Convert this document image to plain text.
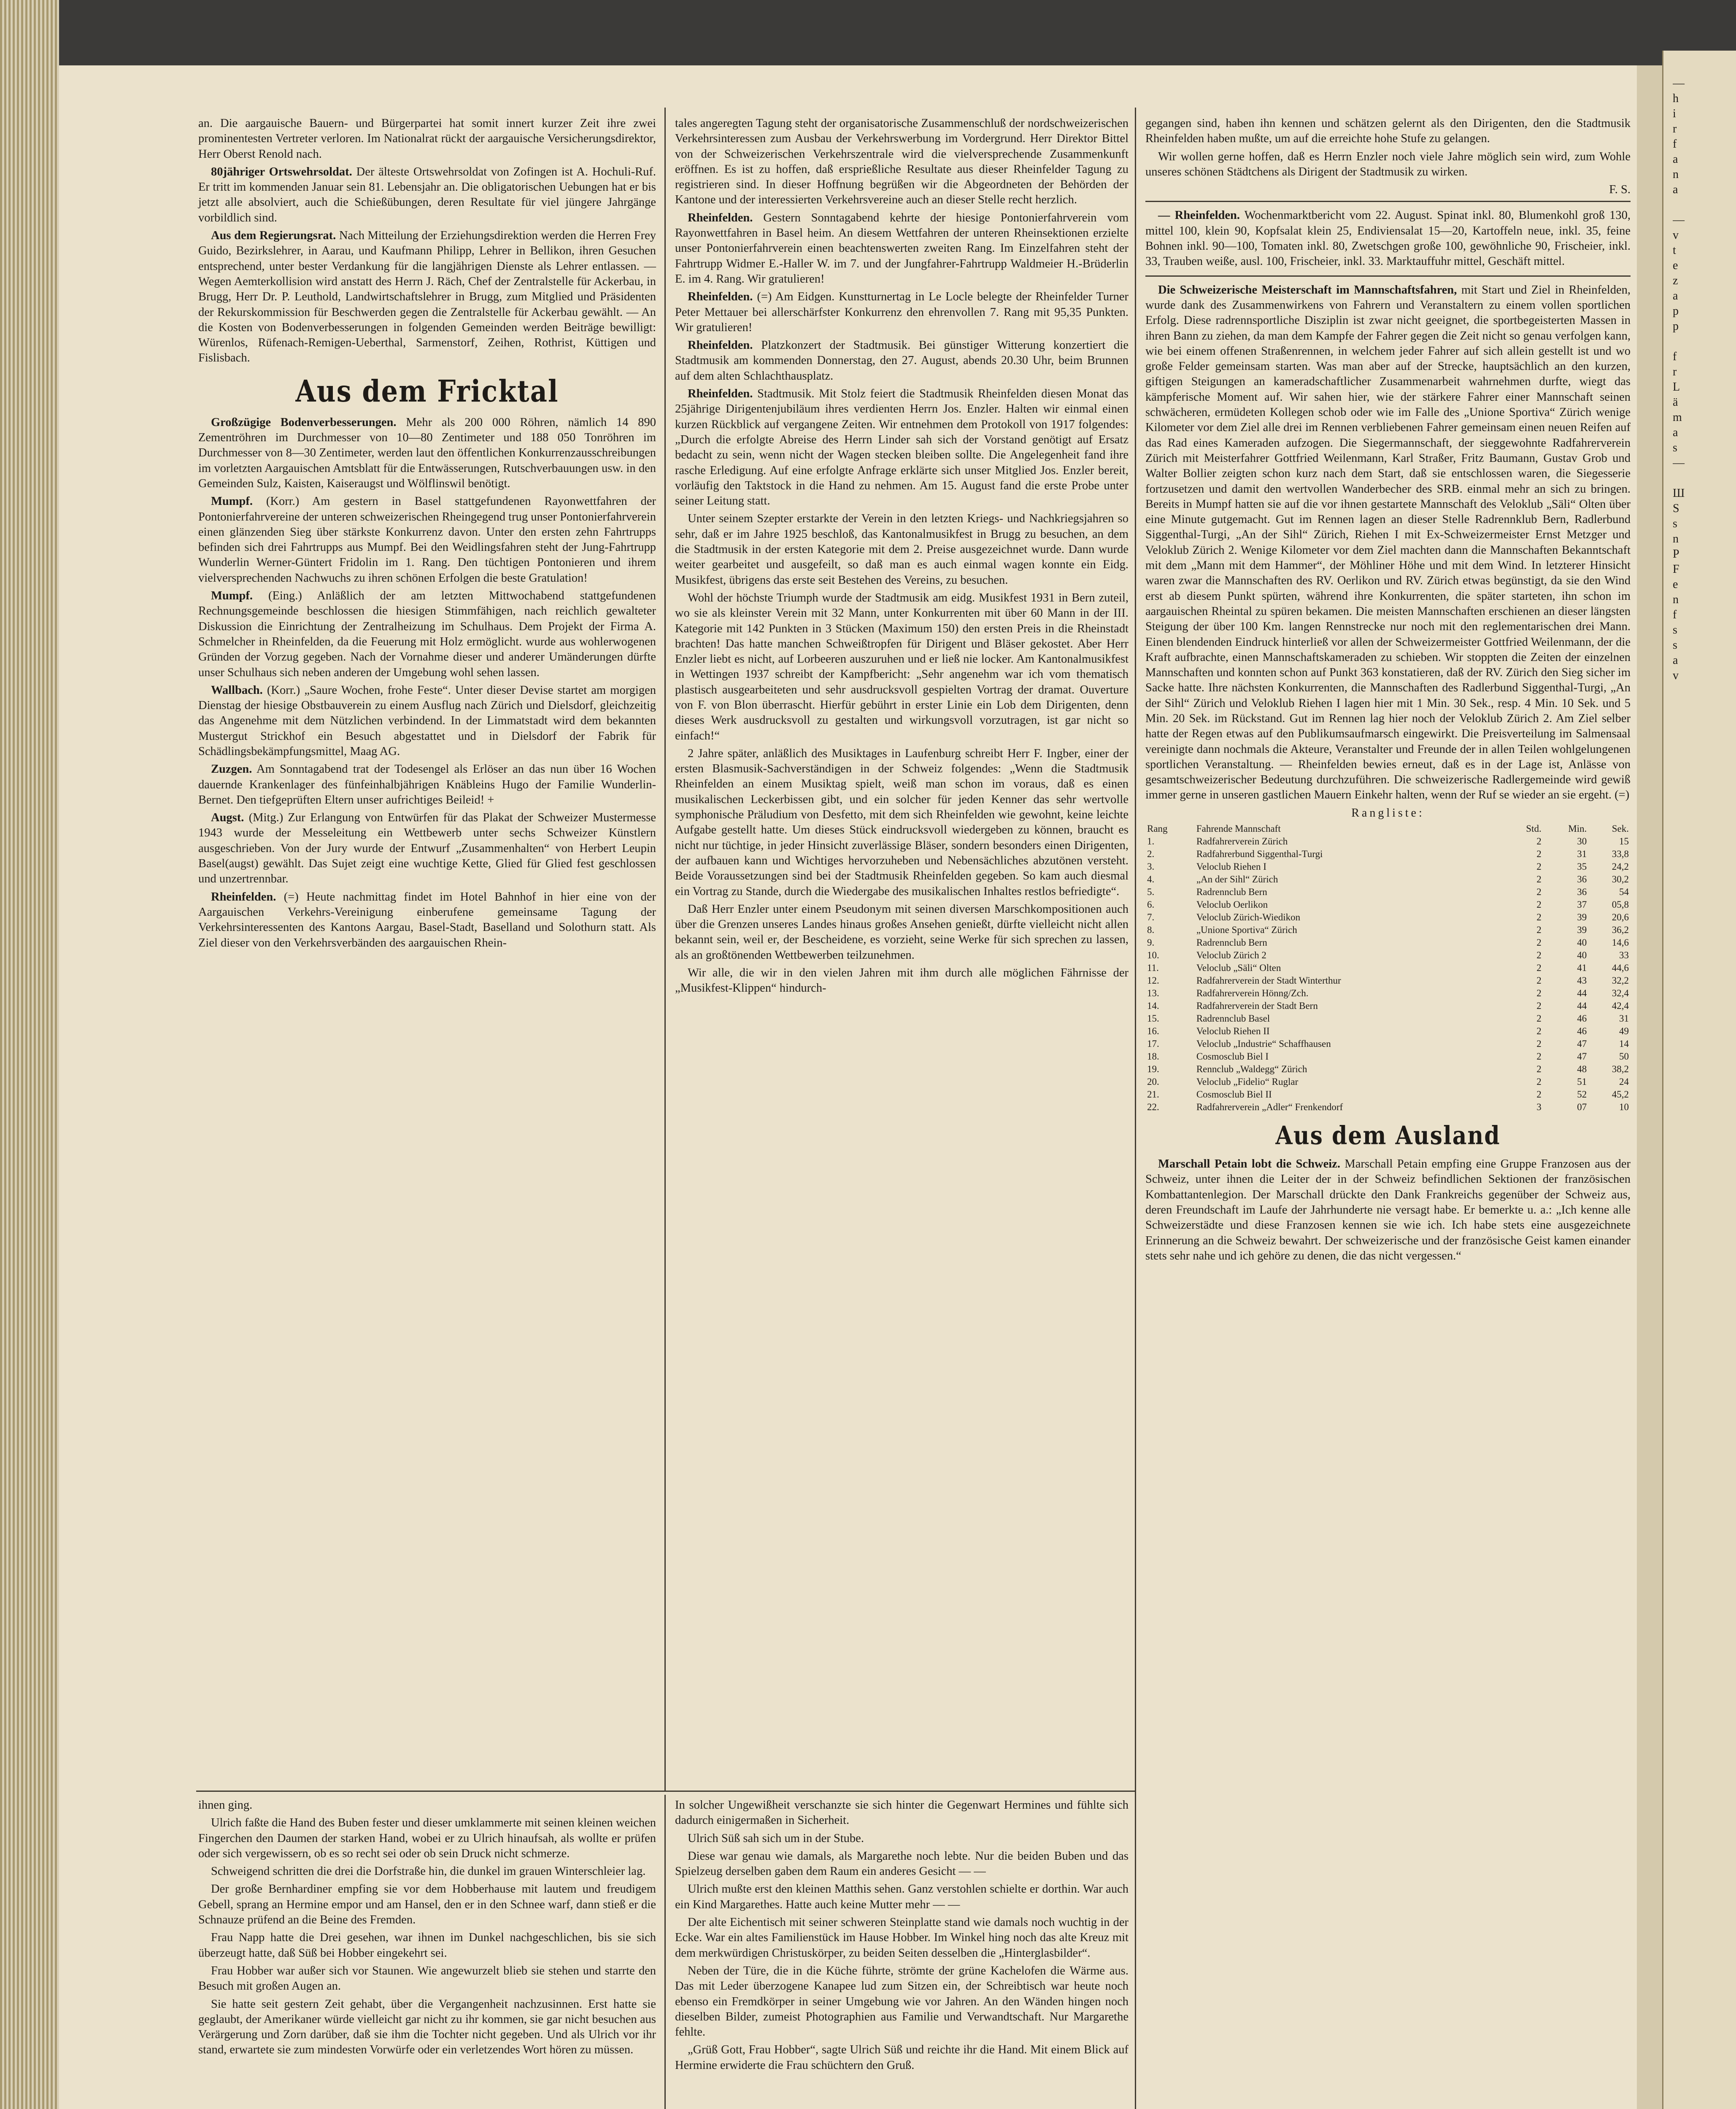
an. Die aargauische Bauern- und Bürgerpartei hat somit innert kurzer Zeit ihre zwei prominentesten Vertreter verloren. Im Nationalrat rückt der aargauische Versicherungsdirektor, Herr Oberst Renold nach.

80jähriger Ortswehrsoldat. Der älteste Ortswehrsoldat von Zofingen ist A. Hochuli-Ruf. Er tritt im kommenden Januar sein 81. Lebensjahr an. Die obligatorischen Uebungen hat er bis jetzt alle absolviert, auch die Schießübungen, deren Resultate für viel jüngere Jahrgänge vorbildlich sind.

Aus dem Regierungsrat. Nach Mitteilung der Erziehungsdirektion werden die Herren Frey Guido, Bezirkslehrer, in Aarau, und Kaufmann Philipp, Lehrer in Bellikon, ihren Gesuchen entsprechend, unter bester Verdankung für die langjährigen Dienste als Lehrer entlassen. — Wegen Aemterkollision wird anstatt des Herrn J. Räch, Chef der Zentralstelle für Ackerbau, in Brugg, Herr Dr. P. Leuthold, Landwirtschaftslehrer in Brugg, zum Mitglied und Präsidenten der Rekurskommission für Beschwerden gegen die Zentralstelle für Ackerbau gewählt. — An die Kosten von Bodenverbesserungen in folgenden Gemeinden werden Beiträge bewilligt: Würenlos, Rüfenach-Remigen-Ueberthal, Sarmenstorf, Zeihen, Rothrist, Küttigen und Fislisbach.

Aus dem Fricktal

Großzügige Bodenverbesserungen. Mehr als 200 000 Röhren, nämlich 14 890 Zementröhren im Durchmesser von 10—80 Zentimeter und 188 050 Tonröhren im Durchmesser von 8—30 Zentimeter, werden laut den öffentlichen Konkurrenzausschreibungen im vorletzten Aargauischen Amtsblatt für die Entwässerungen, Rutschverbauungen usw. in den Gemeinden Sulz, Kaisten, Kaiseraugst und Wölflinswil benötigt.

Mumpf. (Korr.) Am gestern in Basel stattgefundenen Rayonwettfahren der Pontonierfahrvereine der unteren schweizerischen Rheingegend trug unser Pontonierfahrverein einen glänzenden Sieg über stärkste Konkurrenz davon. Unter den ersten zehn Fahrtrupps befinden sich drei Fahrtrupps aus Mumpf. Bei den Weidlingsfahren steht der Jung-Fahrtrupp Wunderlin Werner-Güntert Fridolin im 1. Rang. Den tüchtigen Pontonieren und ihrem vielversprechenden Nachwuchs zu ihren schönen Erfolgen die beste Gratulation!

Mumpf. (Eing.) Anläßlich der am letzten Mittwochabend stattgefundenen Rechnungsgemeinde beschlossen die hiesigen Stimmfähigen, nach reichlich gewalteter Diskussion die Einrichtung der Zentralheizung im Schulhaus. Dem Projekt der Firma A. Schmelcher in Rheinfelden, da die Feuerung mit Holz ermöglicht. wurde aus wohlerwogenen Gründen der Vorzug gegeben. Nach der Vornahme dieser und anderer Umänderungen dürfte unser Schulhaus sich neben anderen der Umgebung wohl sehen lassen.

Wallbach. (Korr.) „Saure Wochen, frohe Feste“. Unter dieser Devise startet am morgigen Dienstag der hiesige Obstbauverein zu einem Ausflug nach Zürich und Dielsdorf, gleichzeitig das Angenehme mit dem Nützlichen verbindend. In der Limmatstadt wird dem bekannten Mustergut Strickhof ein Besuch abgestattet und in Dielsdorf der Fabrik für Schädlingsbekämpfungsmittel, Maag AG.

Zuzgen. Am Sonntagabend trat der Todesengel als Erlöser an das nun über 16 Wochen dauernde Krankenlager des fünfeinhalbjährigen Knäbleins Hugo der Familie Wunderlin-Bernet. Den tiefgeprüften Eltern unser aufrichtiges Beileid! +

Augst. (Mitg.) Zur Erlangung von Entwürfen für das Plakat der Schweizer Mustermesse 1943 wurde der Messeleitung ein Wettbewerb unter sechs Schweizer Künstlern ausgeschrieben. Von der Jury wurde der Entwurf „Zusammenhalten“ von Herbert Leupin Basel(augst) gewählt. Das Sujet zeigt eine wuchtige Kette, Glied für Glied fest geschlossen und unzertrennbar.

Rheinfelden. (=) Heute nachmittag findet im Hotel Bahnhof in hier eine von der Aargauischen Verkehrs-Vereinigung einberufene gemeinsame Tagung der Verkehrsinteressenten des Kantons Aargau, Basel-Stadt, Baselland und Solothurn statt. Als Ziel dieser von den Verkehrsverbänden des aargauischen Rhein-

tales angeregten Tagung steht der organisatorische Zusammenschluß der nordschweizerischen Verkehrsinteressen zum Ausbau der Verkehrswerbung im Vordergrund. Herr Direktor Bittel von der Schweizerischen Verkehrszentrale wird die vielversprechende Zusammenkunft eröffnen. Es ist zu hoffen, daß ersprießliche Resultate aus dieser Rheinfelder Tagung zu registrieren sind. In dieser Hoffnung begrüßen wir die Abgeordneten der Behörden der Kantone und der interessierten Verkehrsvereine auch an dieser Stelle recht herzlich.

Rheinfelden. Gestern Sonntagabend kehrte der hiesige Pontonierfahrverein vom Rayonwettfahren in Basel heim. An diesem Wettfahren der unteren Rheinsektionen erzielte unser Pontonierfahrverein einen beachtenswerten zweiten Rang. Im Einzelfahren steht der Fahrtrupp Widmer E.-Haller W. im 7. und der Jungfahrer-Fahrtrupp Waldmeier H.-Brüderlin E. im 4. Rang. Wir gratulieren!

Rheinfelden. (=) Am Eidgen. Kunstturnertag in Le Locle belegte der Rheinfelder Turner Peter Mettauer bei allerschärfster Konkurrenz den ehrenvollen 7. Rang mit 95,35 Punkten. Wir gratulieren!

Rheinfelden. Platzkonzert der Stadtmusik. Bei günstiger Witterung konzertiert die Stadtmusik am kommenden Donnerstag, den 27. August, abends 20.30 Uhr, beim Brunnen auf dem alten Schlachthausplatz.

Rheinfelden. Stadtmusik. Mit Stolz feiert die Stadtmusik Rheinfelden diesen Monat das 25jährige Dirigentenjubiläum ihres verdienten Herrn Jos. Enzler. Halten wir einmal einen kurzen Rückblick auf vergangene Zeiten. Wir entnehmen dem Protokoll von 1917 folgendes: „Durch die erfolgte Abreise des Herrn Linder sah sich der Vorstand genötigt auf Ersatz bedacht zu sein, wenn nicht der Wagen stecken bleiben sollte. Die Angelegenheit fand ihre rasche Erledigung. Auf eine erfolgte Anfrage erklärte sich unser Mitglied Jos. Enzler bereit, vorläufig den Taktstock in die Hand zu nehmen. Am 15. August fand die erste Probe unter seiner Leitung statt.

Unter seinem Szepter erstarkte der Verein in den letzten Kriegs- und Nachkriegsjahren so sehr, daß er im Jahre 1925 beschloß, das Kantonalmusikfest in Brugg zu besuchen, an dem die Stadtmusik in der ersten Kategorie mit dem 2. Preise ausgezeichnet wurde. Dann wurde weiter gearbeitet und ausgefeilt, so daß man es auch einmal wagen konnte ein Eidg. Musikfest, übrigens das erste seit Bestehen des Vereins, zu besuchen.

Wohl der höchste Triumph wurde der Stadtmusik am eidg. Musikfest 1931 in Bern zuteil, wo sie als kleinster Verein mit 32 Mann, unter Konkurrenten mit über 60 Mann in der III. Kategorie mit 142 Punkten in 3 Stücken (Maximum 150) den ersten Preis in die Rheinstadt brachten! Das hatte manchen Schweißtropfen für Dirigent und Bläser gekostet. Aber Herr Enzler liebt es nicht, auf Lorbeeren auszuruhen und er ließ nie locker. Am Kantonalmusikfest in Wettingen 1937 schreibt der Kampfbericht: „Sehr angenehm war ich vom thematisch plastisch ausgearbeiteten und sehr ausdrucksvoll gespielten Vortrag der dramat. Ouverture von F. von Blon überrascht. Hierfür gebührt in erster Linie ein Lob dem Dirigenten, denn dieses Werk ausdrucksvoll zu gestalten und wirkungsvoll vorzutragen, ist gar nicht so einfach!“

2 Jahre später, anläßlich des Musiktages in Laufenburg schreibt Herr F. Ingber, einer der ersten Blasmusik-Sachverständigen in der Schweiz folgendes: „Wenn die Stadtmusik Rheinfelden an einem Musiktag spielt, weiß man schon im voraus, daß es einen musikalischen Leckerbissen gibt, und ein solcher für jeden Kenner das sehr wertvolle symphonische Präludium von Desfetto, mit dem sich Rheinfelden wie gewohnt, keine leichte Aufgabe gestellt hatte. Um dieses Stück eindrucksvoll wiedergeben zu können, braucht es nicht nur tüchtige, in jeder Hinsicht zuverlässige Bläser, sondern besonders einen Dirigenten, der aufbauen kann und Wichtiges hervorzuheben und Nebensächliches abzutönen versteht. Beide Voraussetzungen sind bei der Stadtmusik Rheinfelden gegeben. So kam auch diesmal ein Vortrag zu Stande, durch die Wiedergabe des musikalischen Inhaltes restlos befriedigte“.

Daß Herr Enzler unter einem Pseudonym mit seinen diversen Marschkompositionen auch über die Grenzen unseres Landes hinaus großes Ansehen genießt, dürfte vielleicht nicht allen bekannt sein, weil er, der Bescheidene, es vorzieht, seine Werke für sich sprechen zu lassen, als an großtönenden Wettbewerben teilzunehmen.

Wir alle, die wir in den vielen Jahren mit ihm durch alle möglichen Fährnisse der „Musikfest-Klippen“ hindurch-

gegangen sind, haben ihn kennen und schätzen gelernt als den Dirigenten, den die Stadtmusik Rheinfelden haben mußte, um auf die erreichte hohe Stufe zu gelangen.

Wir wollen gerne hoffen, daß es Herrn Enzler noch viele Jahre möglich sein wird, zum Wohle unseres schönen Städtchens als Dirigent der Stadtmusik zu wirken.

F. S.

— Rheinfelden. Wochenmarktbericht vom 22. August. Spinat inkl. 80, Blumenkohl groß 130, mittel 100, klein 90, Kopfsalat klein 25, Endiviensalat 15—20, Kartoffeln neue, inkl. 35, feine Bohnen inkl. 90—100, Tomaten inkl. 80, Zwetschgen große 100, gewöhnliche 90, Frischeier, inkl. 33, Trauben weiße, ausl. 100, Frischeier, inkl. 33. Marktauffuhr mittel, Geschäft mittel.

Die Schweizerische Meisterschaft im Mannschaftsfahren, mit Start und Ziel in Rheinfelden, wurde dank des Zusammenwirkens von Fahrern und Veranstaltern zu einem vollen sportlichen Erfolg. Diese radrennsportliche Disziplin ist zwar nicht geeignet, die sportbegeisterten Massen in ihren Bann zu ziehen, da man dem Kampfe der Fahrer gegen die Zeit nicht so genau verfolgen kann, wie bei einem offenen Straßenrennen, in welchem jeder Fahrer auf sich allein gestellt ist und wo große Felder gemeinsam starten. Was man aber auf der Strecke, hauptsächlich an den kurzen, giftigen Steigungen an kameradschaftlicher Zusammenarbeit wahrnehmen durfte, wiegt das kämpferische Moment auf. Wir sahen hier, wie der stärkere Fahrer einer Mannschaft seinen schwächeren, ermüdeten Kollegen schob oder wie im Falle des „Unione Sportiva“ Zürich wenige Kilometer vor dem Ziel alle drei im Rennen verbliebenen Fahrer gemeinsam einen neuen Reifen auf das Rad eines Kameraden aufzogen. Die Siegermannschaft, der sieggewohnte Radfahrerverein Zürich mit Meisterfahrer Gottfried Weilenmann, Karl Straßer, Fritz Baumann, Gustav Grob und Walter Bollier zeigten schon kurz nach dem Start, daß sie entschlossen waren, die Siegesserie fortzusetzen und damit den wertvollen Wanderbecher des SRB. einmal mehr an sich zu bringen. Bereits in Mumpf hatten sie auf die vor ihnen gestartete Mannschaft des Veloklub „Säli“ Olten über eine Minute gutgemacht. Gut im Rennen lagen an dieser Stelle Radrennklub Bern, Radlerbund Siggenthal-Turgi, „An der Sihl“ Zürich, Riehen I mit Ex-Schweizermeister Ernst Metzger und Veloklub Zürich 2. Wenige Kilometer vor dem Ziel machten dann die Mannschaften Bekanntschaft mit dem „Mann mit dem Hammer“, der Möhliner Höhe und mit dem Wind. In letzterer Hinsicht waren zwar die Mannschaften des RV. Oerlikon und RV. Zürich etwas begünstigt, da sie den Wind erst ab diesem Punkt spürten, während ihre Konkurrenten, die später starteten, ihn schon im aargauischen Rheintal zu spüren bekamen. Die meisten Mannschaften erschienen an dieser längsten Steigung der über 100 Km. langen Rennstrecke nur noch mit den reglementarischen drei Mann. Einen blendenden Eindruck hinterließ vor allen der Schweizermeister Gottfried Weilenmann, der die Kraft aufbrachte, einen Mannschaftskameraden zu schieben. Wir stoppten die Zeiten der einzelnen Mannschaften und konnten schon auf Punkt 363 konstatieren, daß der RV. Zürich den Sieg sicher im Sacke hatte. Ihre nächsten Konkurrenten, die Mannschaften des Radlerbund Siggenthal-Turgi, „An der Sihl“ Zürich und Veloklub Riehen I lagen hier mit 1 Min. 30 Sek., resp. 4 Min. 10 Sek. und 5 Min. 20 Sek. im Rückstand. Gut im Rennen lag hier noch der Veloklub Zürich 2. Am Ziel selber hatte der Regen etwas auf den Publikumsaufmarsch eingewirkt. Die Preisverteilung im Salmensaal vereinigte dann nochmals die Akteure, Veranstalter und Freunde der in allen Teilen wohlgelungenen sportlichen Veranstaltung. — Rheinfelden bewies erneut, daß es in der Lage ist, Anlässe von gesamtschweizerischer Bedeutung durchzuführen. Die schweizerische Radlergemeinde wird gewiß immer gerne in unseren gastlichen Mauern Einkehr halten, wenn der Ruf se wieder an sie ergeht. (=)

Rangliste:
Rang	Fahrende Mannschaft	Std.	Min.	Sek.
1.	Radfahrerverein Zürich	2	30	15
2.	Radfahrerbund Siggenthal-Turgi	2	31	33,8
3.	Veloclub Riehen I	2	35	24,2
4.	„An der Sihl“ Zürich	2	36	30,2
5.	Radrennclub Bern	2	36	54
6.	Veloclub Oerlikon	2	37	05,8
7.	Veloclub Zürich-Wiedikon	2	39	20,6
8.	„Unione Sportiva“ Zürich	2	39	36,2
9.	Radrennclub Bern	2	40	14,6
10.	Veloclub Zürich 2	2	40	33
11.	Veloclub „Säli“ Olten	2	41	44,6
12.	Radfahrerverein der Stadt Winterthur	2	43	32,2
13.	Radfahrerverein Hönng/Zch.	2	44	32,4
14.	Radfahrerverein der Stadt Bern	2	44	42,4
15.	Radrennclub Basel	2	46	31
16.	Veloclub Riehen II	2	46	49
17.	Veloclub „Industrie“ Schaffhausen	2	47	14
18.	Cosmosclub Biel I	2	47	50
19.	Rennclub „Waldegg“ Zürich	2	48	38,2
20.	Veloclub „Fidelio“ Ruglar	2	51	24
21.	Cosmosclub Biel II	2	52	45,2
22.	Radfahrerverein „Adler“ Frenkendorf	3	07	10
Aus dem Ausland

Marschall Petain lobt die Schweiz. Marschall Petain empfing eine Gruppe Franzosen aus der Schweiz, unter ihnen die Leiter der in der Schweiz befindlichen Sektionen der französischen Kombattantenlegion. Der Marschall drückte den Dank Frankreichs gegenüber der Schweiz aus, deren Freundschaft im Laufe der Jahrhunderte nie versagt habe. Er bemerkte u. a.: „Ich kenne alle Schweizerstädte und diese Franzosen kennen sie wie ich. Ich habe stets eine ausgezeichnete Erinnerung an die Schweiz bewahrt. Der schweizerische und der französische Geist kamen einander stets sehr nahe und ich gehöre zu denen, die das nicht vergessen.“

ihnen ging.

Ulrich faßte die Hand des Buben fester und dieser umklammerte mit seinen kleinen weichen Fingerchen den Daumen der starken Hand, wobei er zu Ulrich hinaufsah, als wollte er prüfen oder sich vergewissern, ob es so recht sei oder ob sein Druck nicht schmerze.

Schweigend schritten die drei die Dorfstraße hin, die dunkel im grauen Winterschleier lag.

Der große Bernhardiner empfing sie vor dem Hobberhause mit lautem und freudigem Gebell, sprang an Hermine empor und am Hansel, den er in den Schnee warf, dann stieß er die Schnauze prüfend an die Beine des Fremden.

Frau Napp hatte die Drei gesehen, war ihnen im Dunkel nachgeschlichen, bis sie sich überzeugt hatte, daß Süß bei Hobber eingekehrt sei.

Frau Hobber war außer sich vor Staunen. Wie angewurzelt blieb sie stehen und starrte den Besuch mit großen Augen an.

Sie hatte seit gestern Zeit gehabt, über die Vergangenheit nachzusinnen. Erst hatte sie geglaubt, der Amerikaner würde vielleicht gar nicht zu ihr kommen, sie gar nicht besuchen aus Verärgerung und Zorn darüber, daß sie ihm die Tochter nicht gegeben. Und als Ulrich vor ihr stand, erwartete sie zum mindesten Vorwürfe oder ein verletzendes Wort hören zu müssen.

In solcher Ungewißheit verschanzte sie sich hinter die Gegenwart Hermines und fühlte sich dadurch einigermaßen in Sicherheit.

Ulrich Süß sah sich um in der Stube.

Diese war genau wie damals, als Margarethe noch lebte. Nur die beiden Buben und das Spielzeug derselben gaben dem Raum ein anderes Gesicht — —

Ulrich mußte erst den kleinen Matthis sehen. Ganz verstohlen schielte er dorthin. War auch ein Kind Margarethes. Hatte auch keine Mutter mehr — —

Der alte Eichentisch mit seiner schweren Steinplatte stand wie damals noch wuchtig in der Ecke. War ein altes Familienstück im Hause Hobber. Im Winkel hing noch das alte Kreuz mit dem merkwürdigen Christuskörper, zu beiden Seiten desselben die „Hinterglasbilder“.

Neben der Türe, die in die Küche führte, strömte der grüne Kachelofen die Wärme aus. Das mit Leder überzogene Kanapee lud zum Sitzen ein, der Schreibtisch war heute noch ebenso ein Fremdkörper in seiner Umgebung wie vor Jahren. An den Wänden hingen noch dieselben Bilder, zumeist Photographien aus Familie und Verwandtschaft. Nur Margarethe fehlte.

„Grüß Gott, Frau Hobber“, sagte Ulrich Süß und reichte ihr die Hand. Mit einem Blick auf Hermine erwiderte die Frau schüchtern den Gruß.

—
h
i
r
f
a
n
a
—
v
t
e
z
a
p
p
f
r
L
ä
m
a
s
—
Ш
S
s
n
P
F
e
n
f
s
s
a
v
